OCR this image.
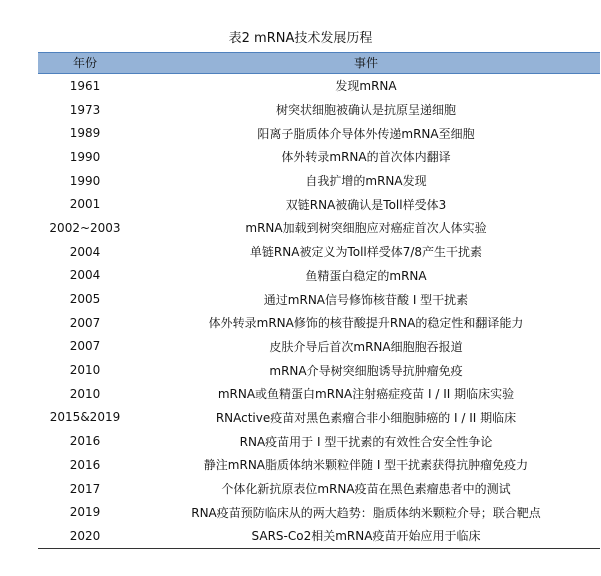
表2 mRNA技术发展历程
年份	事件
1961	发现mRNA
1973	树突状细胞被确认是抗原呈递细胞
1989	阳离子脂质体介导体外传递mRNA至细胞
1990	体外转录mRNA的首次体内翻译
1990	自我扩增的mRNA发现
2001	双链RNA被确认是Toll样受体3
2002~2003	mRNA加载到树突细胞应对癌症首次人体实验
2004	单链RNA被定义为Toll样受体7/8产生干扰素
2004	鱼精蛋白稳定的mRNA
2005	通过mRNA信号修饰核苷酸 I 型干扰素
2007	体外转录mRNA修饰的核苷酸提升RNA的稳定性和翻译能力
2007	皮肤介导后首次mRNA细胞胞吞报道
2010	mRNA介导树突细胞诱导抗肿瘤免疫
2010	mRNA或鱼精蛋白mRNA注射癌症疫苗 I / II 期临床实验
2015&2019	RNActive疫苗对黑色素瘤合非小细胞肺癌的 I / II 期临床
2016	RNA疫苗用于 I 型干扰素的有效性合安全性争论
2016	静注mRNA脂质体纳米颗粒伴随 I 型干扰素获得抗肿瘤免疫力
2017	个体化新抗原表位mRNA疫苗在黑色素瘤患者中的测试
2019	RNA疫苗预防临床从的两大趋势：脂质体纳米颗粒介导；联合靶点
2020	SARS-Co2相关mRNA疫苗开始应用于临床
